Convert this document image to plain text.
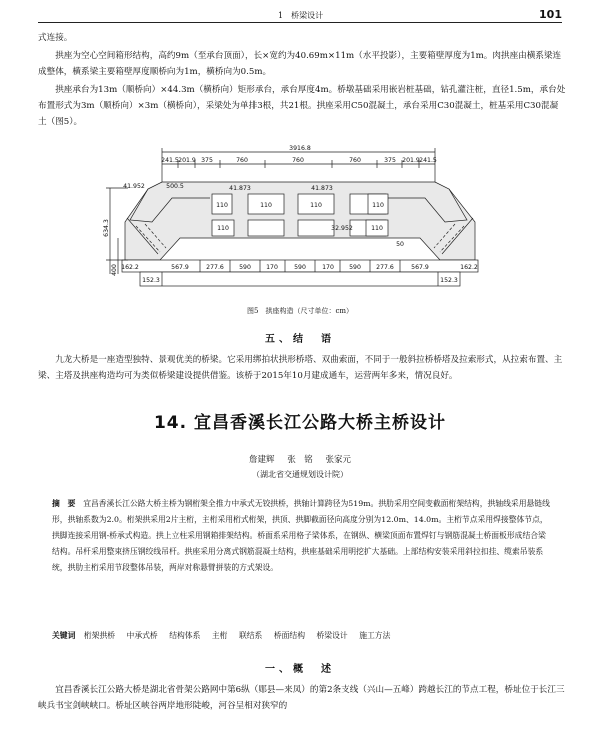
1　桥梁设计	101

式连接。

拱座为空心空间箱形结构，高约9m（至承台顶面），长×宽约为40.69m×11m（水平投影），主要箱壁厚度为1m。肉拱座由横系梁连成整体，横系梁主要箱壁厚度顺桥向为1m，横桥向为0.5m。

拱座承台为13m（顺桥向）×44.3m（横桥向）矩形承台，承台厚度4m。桥墩基础采用嵌岩桩基础，钻孔灌注桩，直径1.5m，承台处布置形式为3m（顺桥向）×3m（横桥向），采梁处为单排3根，共21根。拱座采用C50混凝土，承台采用C30混凝土，桩基采用C30混凝土（图5）。

3916.8
241.5 201.9 375	760	760	760	375 201.9 241.5
41.952	500.5
634.3
400
41.873	41.873
32.952
110	110	110	110
110	110
50
162.2	567.9	277.6 590 170	590	170 590 277.6	567.9	162.2
152.3	152.3
图5　拱座构造（尺寸单位：cm）
五、结　语

九龙大桥是一座造型独特、景观优美的桥梁。它采用绑拍状拱形桥塔、双曲索面，不同于一般斜拉桥桥塔及拉索形式，从拉索布置、主梁、主塔及拱座构造均可为类似桥梁建设提供借鉴。该桥于2015年10月建成通车，运营两年多来，情况良好。

14. 宜昌香溪长江公路大桥主桥设计
詹建辉 张　铭 张家元
（湖北省交通规划设计院）

摘　要　 宜昌香溪长江公路大桥主桥为钢桁架全推力中承式无铰拱桥，拱轴计算跨径为519m。拱肋采用空间变截面桁架结构，拱轴线采用悬链线形，拱轴系数为2.0。桁架拱采用2片主桁，主桁采用桁式桁架，拱顶、拱脚截面径向高度分别为12.0m、14.0m。主桁节点采用焊接整体节点，拱脚连接采用钢-桥承式构造。拱上立柱采用钢箱排架结构。桥面系采用格子梁体系，在钢纵、横梁顶面布置焊钉与钢筋混凝土桥面板形成结合梁结构。吊杆采用整束挤压钢绞线吊杆。拱座采用分离式钢筋混凝土结构，拱座基础采用明挖扩大基础。上部结构安装采用斜拉扣挂、缆索吊装系统，拱肋主桁采用节段整体吊装，两岸对称悬臂拼装的方式架设。

关键词 桁架拱桥 中承式桥 结构体系 主桁 联结系 桥面结构 桥梁设计 施工方法
一、概　述

宜昌香溪长江公路大桥是湖北省骨架公路网中第6纵（郧县—来凤）的第2条支线（兴山—五峰）跨越长江的节点工程，桥址位于长江三峡兵书宝剑峡峡口。桥址区峡谷两岸地形陡峻，河谷呈相对狭窄的
